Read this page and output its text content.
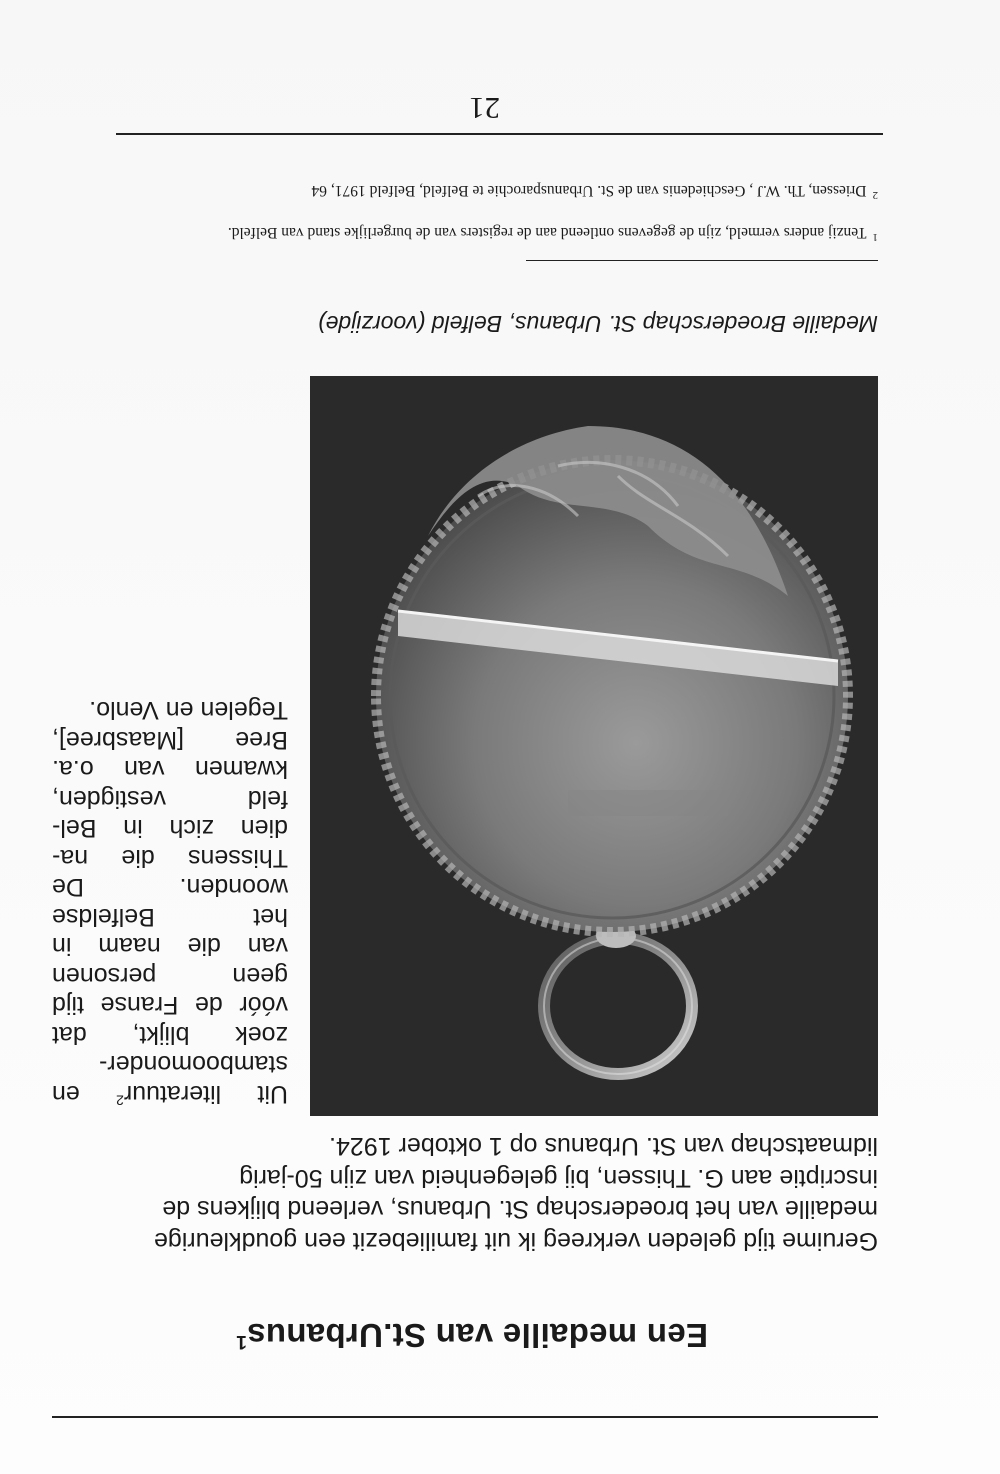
Een medaille van St.Urbanus$^1$

Geruime tijd geleden verkreeg ik uit familiebezit een goudkleurige medaille van het broederschap St. Urbanus, verleend blijkens de inscriptie aan G. Thissen, bij gelegenheid van zijn 50-jarig lidmaatschap van St. Urbanus op 1 oktober 1924.

Uit literatuur$^2$ en
stamboomonder-
zoek blijkt, dat
vóór de Franse tijd
geen personen
van die naam in
het Belfeldse
woonden. De
Thissens die na-
dien zich in Bel-
feld vestigden,
kwamen van o.a.
Bree [Maasbree],
Tegelen en Venlo.

Medaille Broederschap St. Urbanus, Belfeld (voorzijde)

$^1$Tenzij anders vermeld, zijn de gegevens ontleend aan de registers van de burgerlijke stand van Belfeld.

$^2$Driessen, Th. W.J , Geschiedenis van de St. Urbanusparochie te Belfeld, Belfeld 1971, 64

21
